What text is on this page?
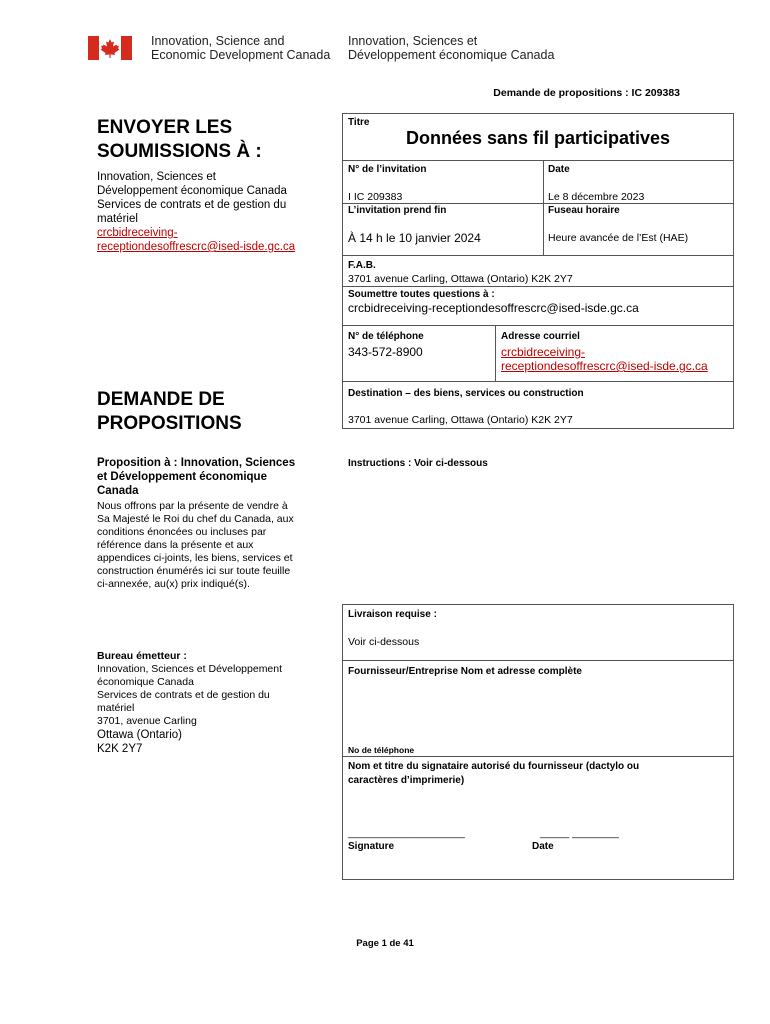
Innovation, Science and
Economic Development Canada
Innovation, Sciences et
Développement économique Canada
Demande de propositions : IC 209383
ENVOYER LES
SOUMISSIONS À :
Innovation, Sciences et
Développement économique Canada
Services de contrats et de gestion du
matériel
crcbidreceiving-
receptiondesoffrescrc@ised-isde.gc.ca
DEMANDE DE
PROPOSITIONS
Proposition à : Innovation, Sciences
et Développement économique
Canada
Nous offrons par la présente de vendre à
Sa Majesté le Roi du chef du Canada, aux
conditions énoncées ou incluses par
référence dans la présente et aux
appendices ci-joints, les biens, services et
construction énumérés ici sur toute feuille
ci-annexée, au(x) prix indiqué(s).
Bureau émetteur :
Innovation, Sciences et Développement
économique Canada
Services de contrats et de gestion du
matériel
3701, avenue Carling
Ottawa (Ontario)
K2K 2Y7
Titre
Données sans fil participatives
N° de l’invitation
I IC 209383
Date
Le 8 décembre 2023
L’invitation prend fin
À 14 h le 10 janvier 2024
Fuseau horaire
Heure avancée de l’Est (HAE)
F.A.B.
3701 avenue Carling, Ottawa (Ontario) K2K 2Y7
Soumettre toutes questions à :
crcbidreceiving-receptiondesoffrescrc@ised-isde.gc.ca
N° de téléphone
343-572-8900
Adresse courriel
crcbidreceiving-
receptiondesoffrescrc@ised-isde.gc.ca
Destination – des biens, services ou construction
3701 avenue Carling, Ottawa (Ontario) K2K 2Y7
Instructions : Voir ci-dessous
Livraison requise :
Voir ci-dessous
Fournisseur/Entreprise Nom et adresse complète
No de téléphone
Nom et titre du signataire autorisé du fournisseur (dactylo ou
caractères d’imprimerie)
____________________	_____ ________
Signature	Date
Page 1 de 41
